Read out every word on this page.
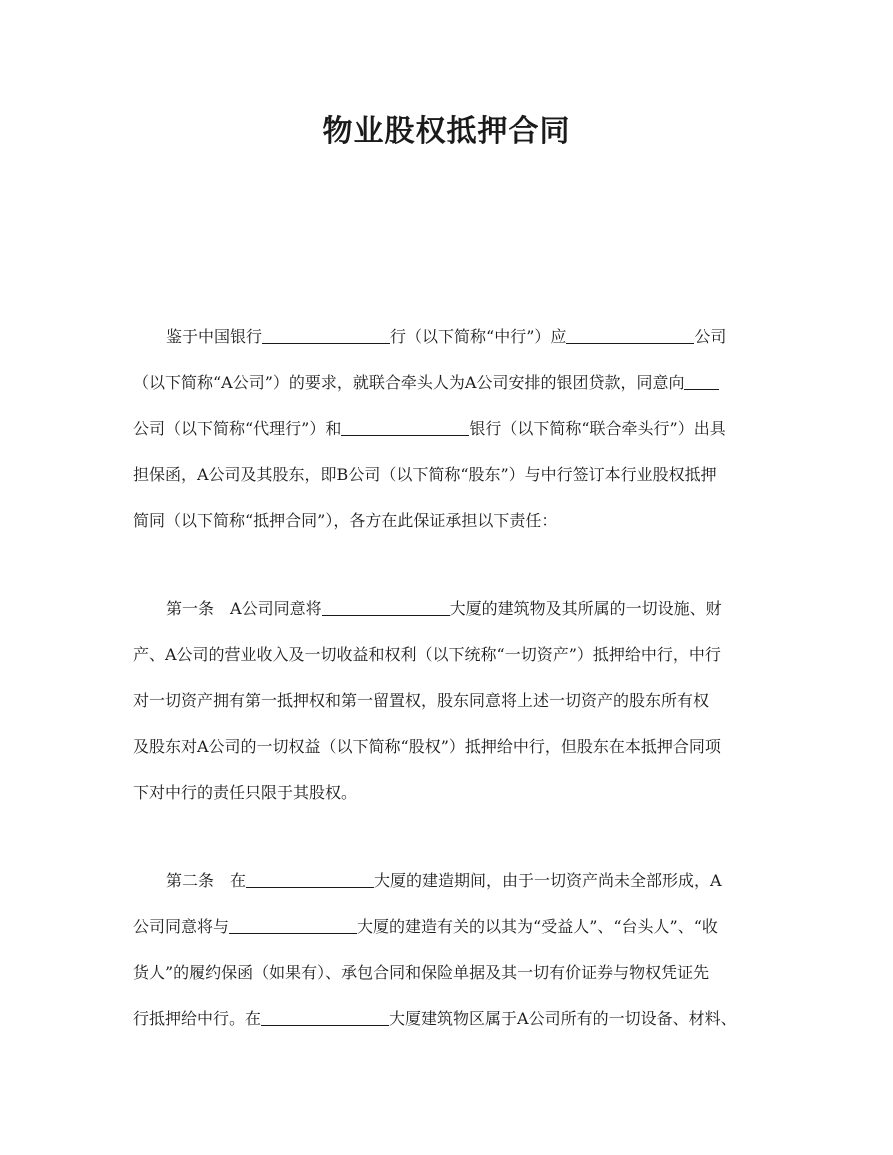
物业股权抵押合同
鉴于中国银行	行（以下简称“中行”）应	公司
（以下简称“A公司”）的要求，就联合牵头人为A公司安排的银团贷款，同意向
公司（以下简称“代理行”）和	银行（以下简称“联合牵头行”）出具
担保函，A公司及其股东，即B公司（以下简称“股东”）与中行签订本行业股权抵押
简同（以下简称“抵押合同”），各方在此保证承担以下责任：
第一条 A公司同意将	大厦的建筑物及其所属的一切设施、财
产、A公司的营业收入及一切收益和权利（以下统称“一切资产”）抵押给中行，中行
对一切资产拥有第一抵押权和第一留置权，股东同意将上述一切资产的股东所有权
及股东对A公司的一切权益（以下简称“股权”）抵押给中行，但股东在本抵押合同项
下对中行的责任只限于其股权。
第二条 在	大厦的建造期间，由于一切资产尚未全部形成，A
公司同意将与	大厦的建造有关的以其为“受益人”、“台头人”、“收
货人”的履约保函（如果有）、承包合同和保险单据及其一切有价证券与物权凭证先
行抵押给中行。在	大厦建筑物区属于A公司所有的一切设备、材料、
